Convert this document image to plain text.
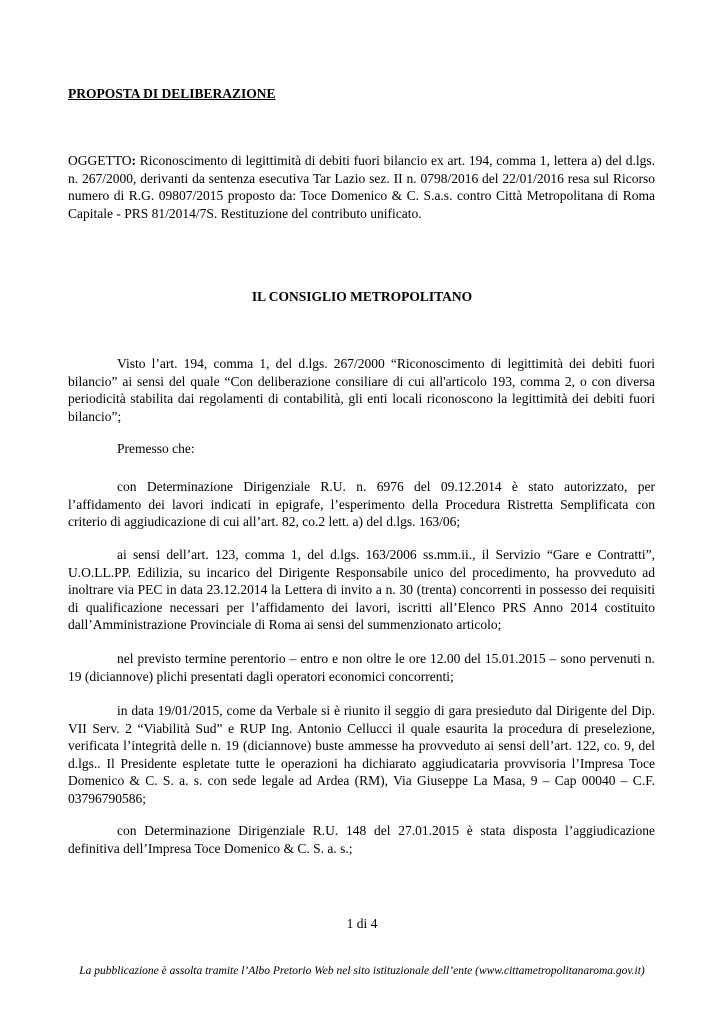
PROPOSTA DI DELIBERAZIONE
OGGETTO: Riconoscimento di legittimità di debiti fuori bilancio ex art. 194, comma 1, lettera a) del d.lgs. n. 267/2000, derivanti da sentenza esecutiva Tar Lazio sez. II n. 0798/2016 del 22/01/2016 resa sul Ricorso numero di R.G. 09807/2015 proposto da: Toce Domenico & C. S.a.s. contro Città Metropolitana di Roma Capitale - PRS 81/2014/7S. Restituzione del contributo unificato.
IL CONSIGLIO METROPOLITANO

Visto l’art. 194, comma 1, del d.lgs. 267/2000 “Riconoscimento di legittimità dei debiti fuori bilancio” ai sensi del quale “Con deliberazione consiliare di cui all'articolo 193, comma 2, o con diversa periodicità stabilita dai regolamenti di contabilità, gli enti locali riconoscono la legittimità dei debiti fuori bilancio”;

Premesso che:

con Determinazione Dirigenziale R.U. n. 6976 del 09.12.2014 è stato autorizzato, per l’affidamento dei lavori indicati in epigrafe, l’esperimento della Procedura Ristretta Semplificata con criterio di aggiudicazione di cui all’art. 82, co.2 lett. a) del d.lgs. 163/06;

ai sensi dell’art. 123, comma 1, del d.lgs. 163/2006 ss.mm.ii., il Servizio “Gare e Contratti”, U.O.LL.PP. Edilizia, su incarico del Dirigente Responsabile unico del procedimento, ha provveduto ad inoltrare via PEC in data 23.12.2014 la Lettera di invito a n. 30 (trenta) concorrenti in possesso dei requisiti di qualificazione necessari per l’affidamento dei lavori, iscritti all’Elenco PRS Anno 2014 costituito dall’Amministrazione Provinciale di Roma ai sensi del summenzionato articolo;

nel previsto termine perentorio – entro e non oltre le ore 12.00 del 15.01.2015 – sono pervenuti n. 19 (diciannove) plichi presentati dagli operatori economici concorrenti;

in data 19/01/2015, come da Verbale si è riunito il seggio di gara presieduto dal Dirigente del Dip. VII Serv. 2 “Viabilità Sud” e RUP Ing. Antonio Cellucci il quale esaurita la procedura di preselezione, verificata l’integrità delle n. 19 (diciannove) buste ammesse ha provveduto ai sensi dell’art. 122, co. 9, del d.lgs.. Il Presidente espletate tutte le operazioni ha dichiarato aggiudicataria provvisoria l’Impresa Toce Domenico & C. S. a. s. con sede legale ad Ardea (RM), Via Giuseppe La Masa, 9 – Cap 00040 – C.F. 03796790586;

con Determinazione Dirigenziale R.U. 148 del 27.01.2015 è stata disposta l’aggiudicazione definitiva dell’Impresa Toce Domenico & C. S. a. s.;

1 di 4
La pubblicazione è assolta tramite l’Albo Pretorio Web nel sito istituzionale dell’ente (www.cittametropolitanaroma.gov.it)
